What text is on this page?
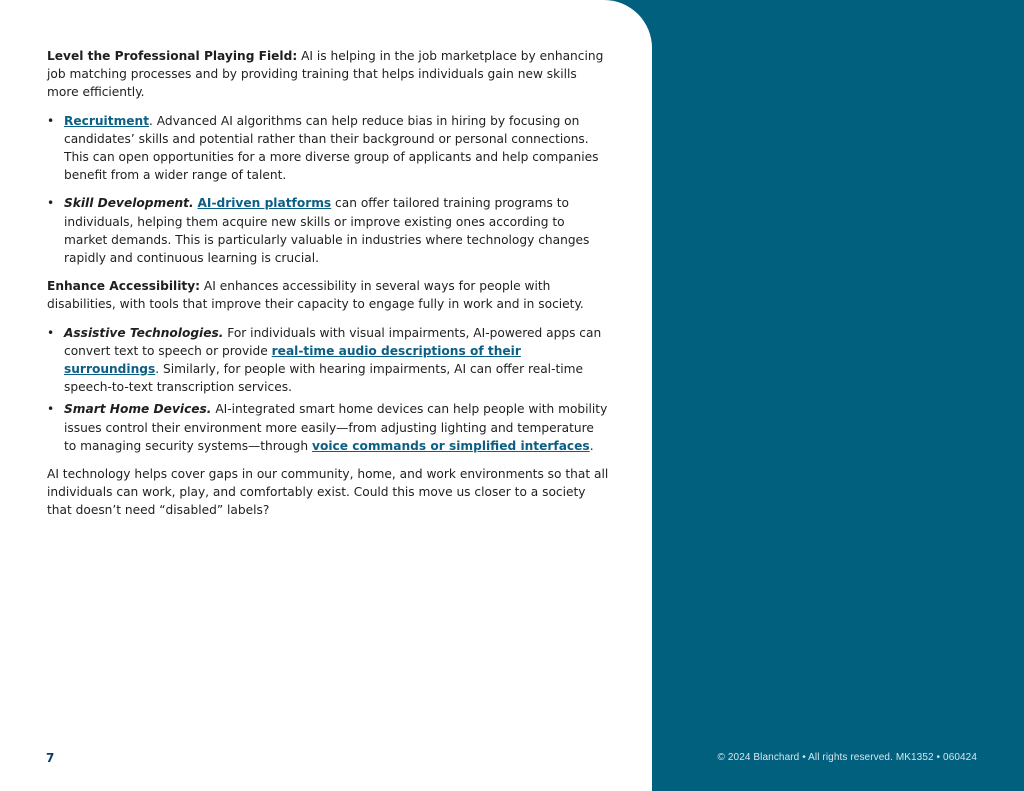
Level the Professional Playing Field: AI is helping in the job marketplace by enhancing job matching processes and by providing training that helps individuals gain new skills more efficiently.

• Recruitment. Advanced AI algorithms can help reduce bias in hiring by focusing on candidates’ skills and potential rather than their background or personal connections. This can open opportunities for a more diverse group of applicants and help companies benefit from a wider range of talent.
• Skill Development. AI-driven platforms can offer tailored training programs to individuals, helping them acquire new skills or improve existing ones according to market demands. This is particularly valuable in industries where technology changes rapidly and continuous learning is crucial.

Enhance Accessibility: AI enhances accessibility in several ways for people with disabilities, with tools that improve their capacity to engage fully in work and in society.

• Assistive Technologies. For individuals with visual impairments, AI-powered apps can convert text to speech or provide real-time audio descriptions of their surroundings. Similarly, for people with hearing impairments, AI can offer real-time speech-to-text transcription services.
• Smart Home Devices. AI-integrated smart home devices can help people with mobility issues control their environment more easily—from adjusting lighting and temperature to managing security systems—through voice commands or simplified interfaces.

AI technology helps cover gaps in our community, home, and work environments so that all individuals can work, play, and comfortably exist. Could this move us closer to a society that doesn’t need “disabled” labels?

7	© 2024 Blanchard • All rights reserved. MK1352 • 060424
